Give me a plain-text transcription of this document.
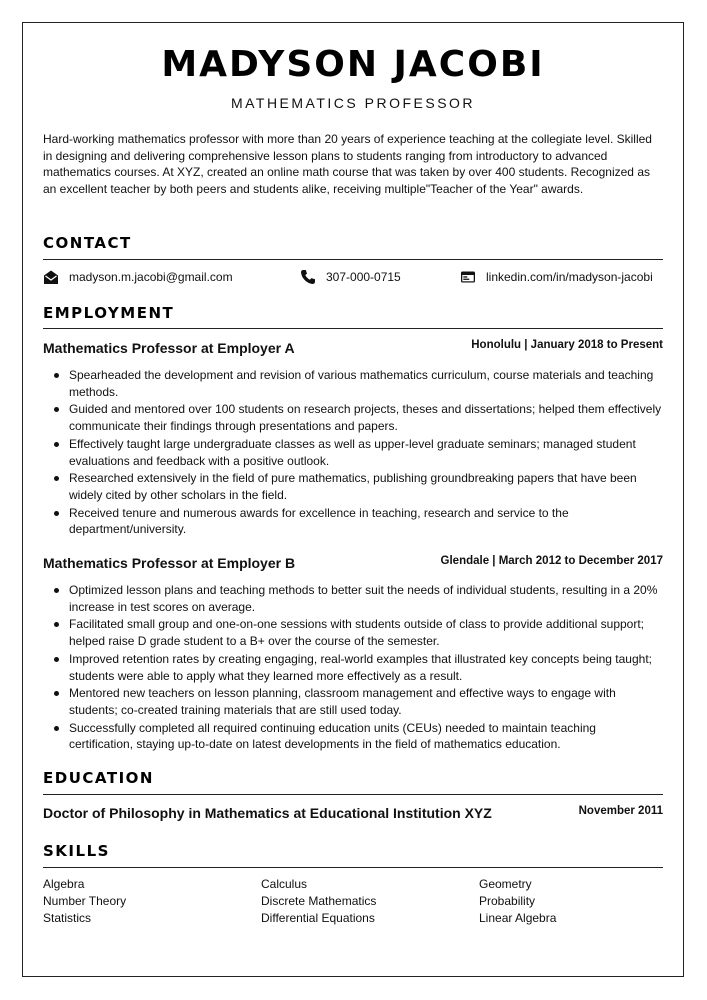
MADYSON JACOBI
MATHEMATICS PROFESSOR
Hard-working mathematics professor with more than 20 years of experience teaching at the collegiate level. Skilled in designing and delivering comprehensive lesson plans to students ranging from introductory to advanced mathematics courses. At XYZ, created an online math course that was taken by over 400 students. Recognized as an excellent teacher by both peers and students alike, receiving multiple"Teacher of the Year" awards.
CONTACT
madyson.m.jacobi@gmail.com	307-000-0715	linkedin.com/in/madyson-jacobi
EMPLOYMENT
Mathematics Professor at Employer A	Honolulu | January 2018 to Present
Spearheaded the development and revision of various mathematics curriculum, course materials and teaching methods.
Guided and mentored over 100 students on research projects, theses and dissertations; helped them effectively communicate their findings through presentations and papers.
Effectively taught large undergraduate classes as well as upper-level graduate seminars; managed student evaluations and feedback with a positive outlook.
Researched extensively in the field of pure mathematics, publishing groundbreaking papers that have been widely cited by other scholars in the field.
Received tenure and numerous awards for excellence in teaching, research and service to the department/university.
Mathematics Professor at Employer B	Glendale | March 2012 to December 2017
Optimized lesson plans and teaching methods to better suit the needs of individual students, resulting in a 20% increase in test scores on average.
Facilitated small group and one-on-one sessions with students outside of class to provide additional support; helped raise D grade student to a B+ over the course of the semester.
Improved retention rates by creating engaging, real-world examples that illustrated key concepts being taught; students were able to apply what they learned more effectively as a result.
Mentored new teachers on lesson planning, classroom management and effective ways to engage with students; co-created training materials that are still used today.
Successfully completed all required continuing education units (CEUs) needed to maintain teaching certification, staying up-to-date on latest developments in the field of mathematics education.
EDUCATION
Doctor of Philosophy in Mathematics at Educational Institution XYZ	November 2011
SKILLS
Algebra	Calculus	Geometry
Number Theory	Discrete Mathematics	Probability
Statistics	Differential Equations	Linear Algebra
